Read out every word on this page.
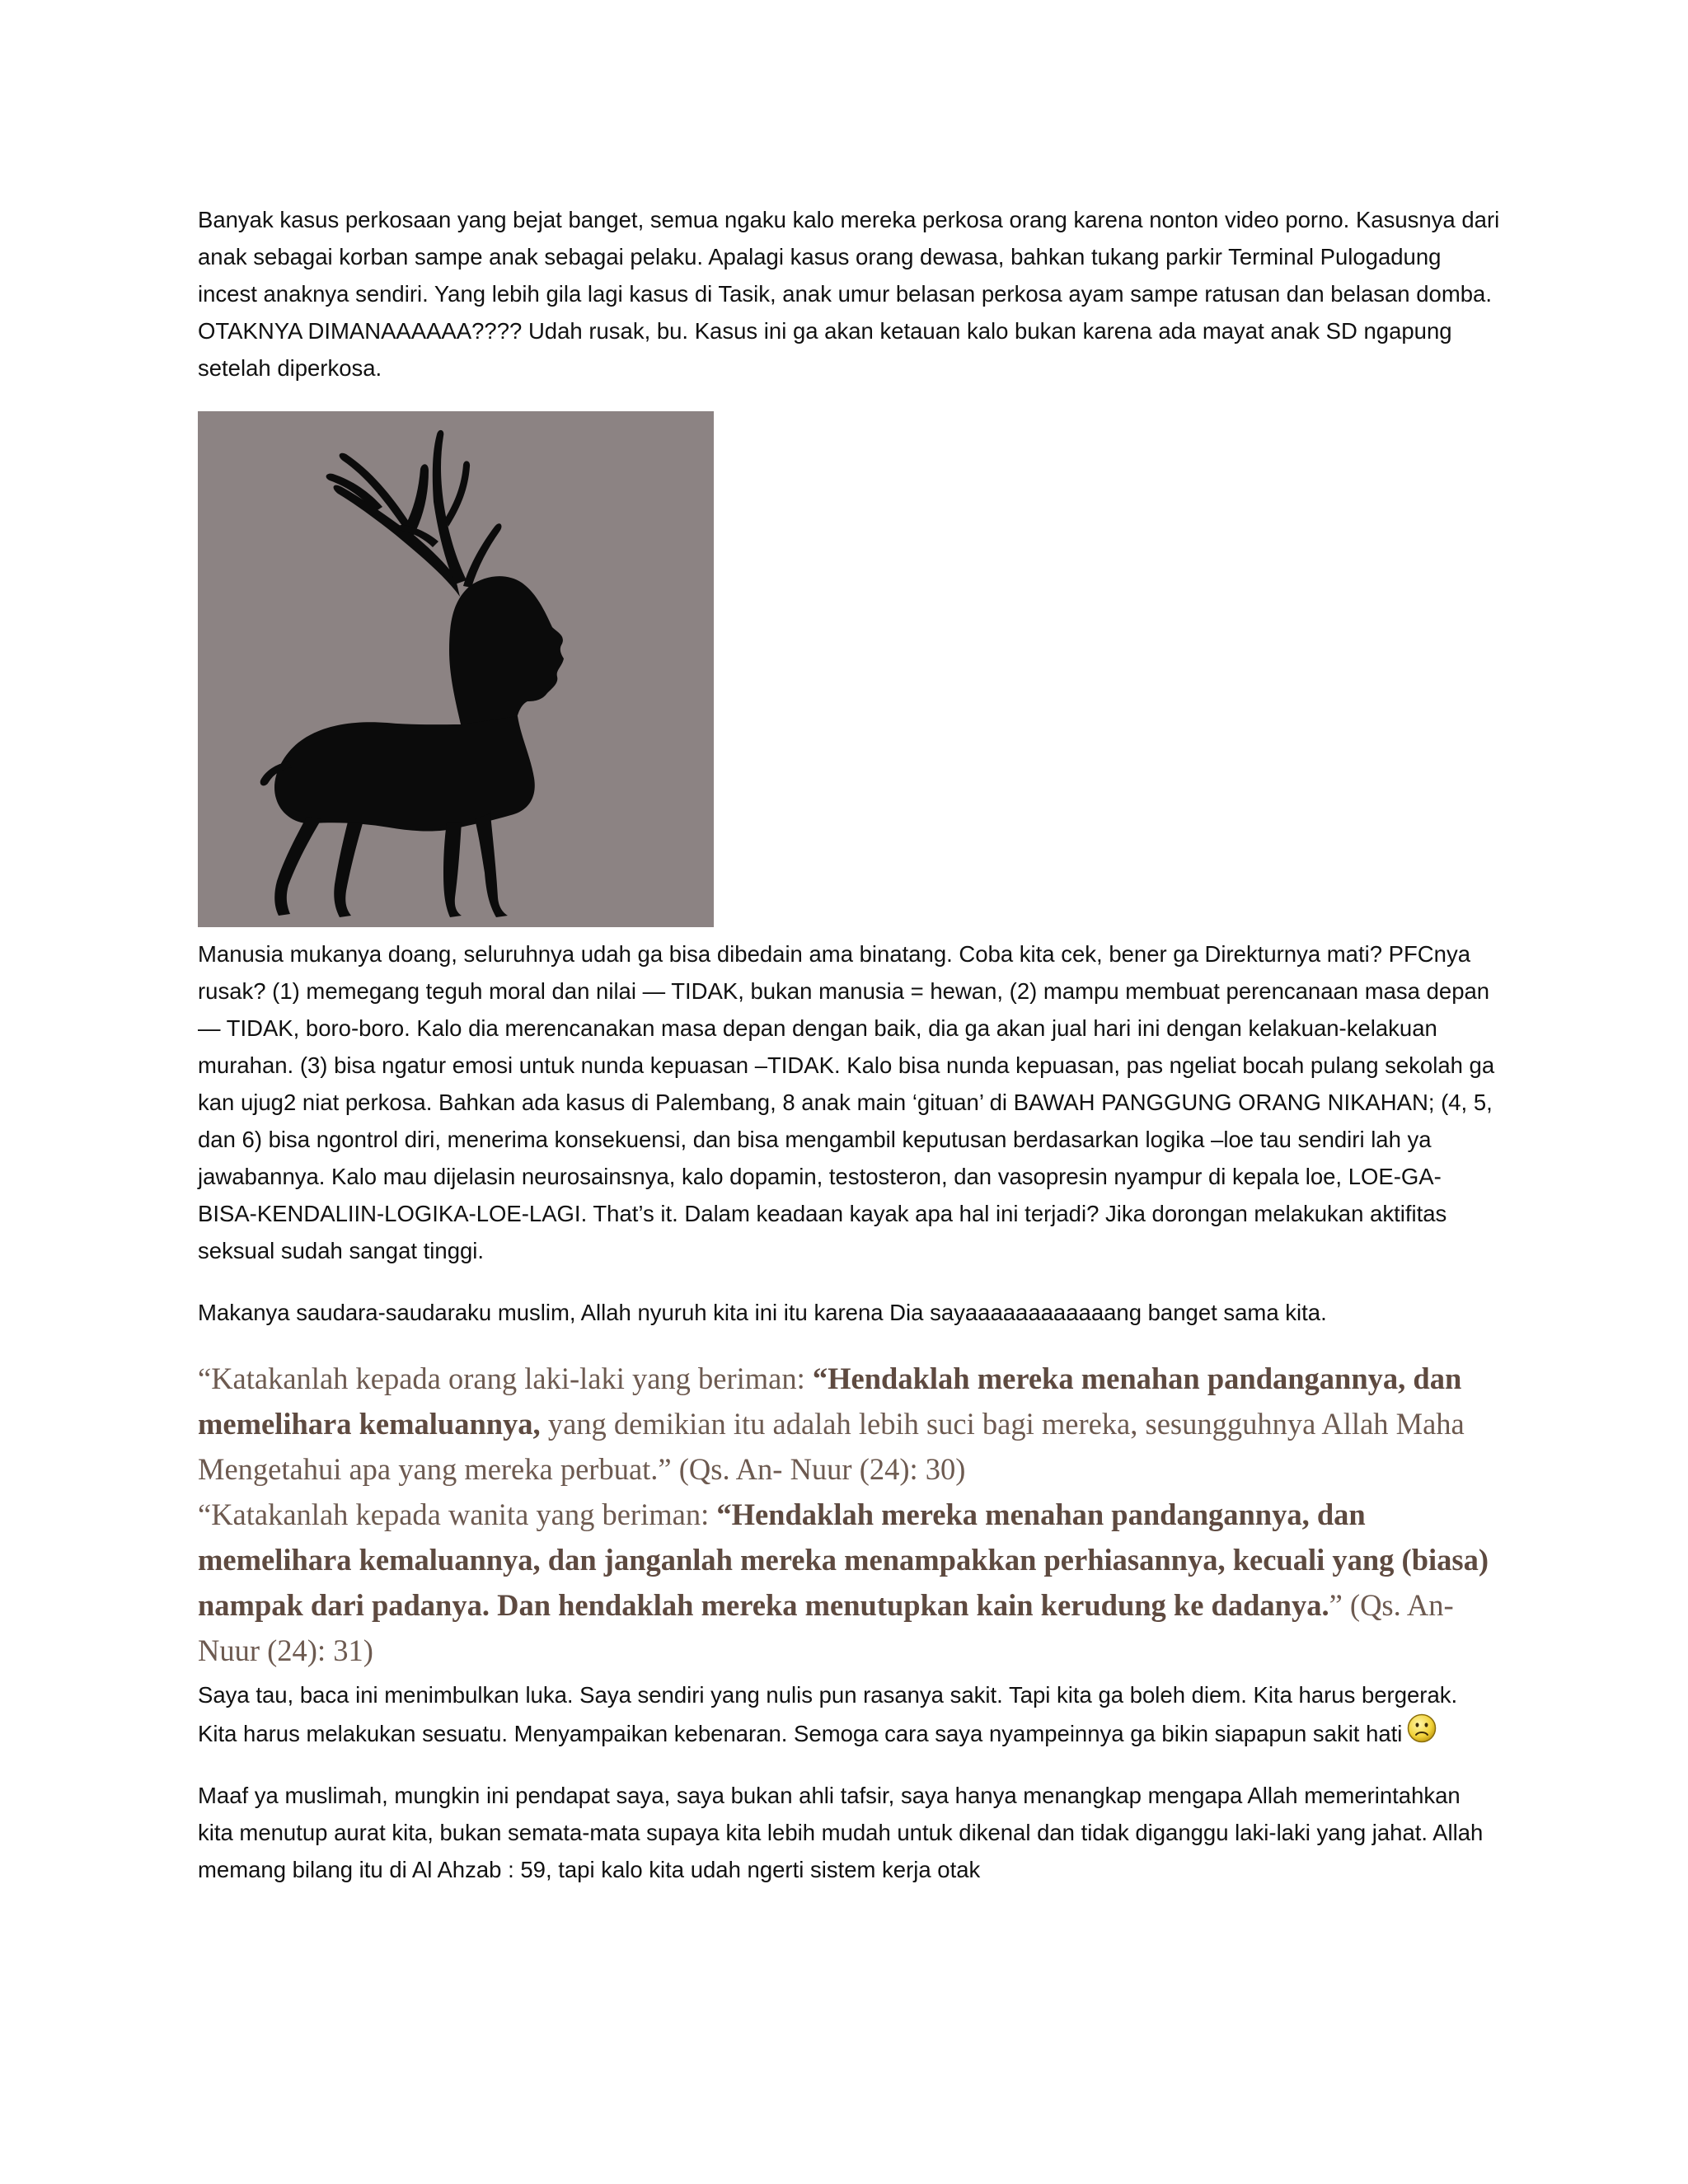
Banyak kasus perkosaan yang bejat banget, semua ngaku kalo mereka perkosa orang karena nonton video porno. Kasusnya dari anak sebagai korban sampe anak sebagai pelaku. Apalagi kasus orang dewasa, bahkan tukang parkir Terminal Pulogadung incest anaknya sendiri. Yang lebih gila lagi kasus di Tasik, anak umur belasan perkosa ayam sampe ratusan dan belasan domba. OTAKNYA DIMANAAAAAA???? Udah rusak, bu. Kasus ini ga akan ketauan kalo bukan karena ada mayat anak SD ngapung setelah diperkosa.

Manusia mukanya doang, seluruhnya udah ga bisa dibedain ama binatang. Coba kita cek, bener ga Direkturnya mati? PFCnya rusak? (1) memegang teguh moral dan nilai — TIDAK, bukan manusia = hewan, (2) mampu membuat perencanaan masa depan — TIDAK, boro-boro. Kalo dia merencanakan masa depan dengan baik, dia ga akan jual hari ini dengan kelakuan-kelakuan murahan. (3) bisa ngatur emosi untuk nunda kepuasan –TIDAK. Kalo bisa nunda kepuasan, pas ngeliat bocah pulang sekolah ga kan ujug2 niat perkosa. Bahkan ada kasus di Palembang, 8 anak main ‘gituan’ di BAWAH PANGGUNG ORANG NIKAHAN; (4, 5, dan 6) bisa ngontrol diri, menerima konsekuensi, dan bisa mengambil keputusan berdasarkan logika –loe tau sendiri lah ya jawabannya. Kalo mau dijelasin neurosainsnya, kalo dopamin, testosteron, dan vasopresin nyampur di kepala loe, LOE-GA-BISA-KENDALIIN-LOGIKA-LOE-LAGI. That’s it. Dalam keadaan kayak apa hal ini terjadi? Jika dorongan melakukan aktifitas seksual sudah sangat tinggi.

Makanya saudara-saudaraku muslim, Allah nyuruh kita ini itu karena Dia sayaaaaaaaaaaaang banget sama kita.

“Katakanlah kepada orang laki-laki yang beriman: “Hendaklah mereka menahan pandangannya, dan memelihara kemaluannya, yang demikian itu adalah lebih suci bagi mereka, sesungguhnya Allah Maha Mengetahui apa yang mereka perbuat.” (Qs. An- Nuur (24): 30)

“Katakanlah kepada wanita yang beriman: “Hendaklah mereka menahan pandangannya, dan memelihara kemaluannya, dan janganlah mereka menampakkan perhiasannya, kecuali yang (biasa) nampak dari padanya. Dan hendaklah mereka menutupkan kain kerudung ke dadanya.” (Qs. An- Nuur (24): 31)

Saya tau, baca ini menimbulkan luka. Saya sendiri yang nulis pun rasanya sakit. Tapi kita ga boleh diem. Kita harus bergerak. Kita harus melakukan sesuatu. Menyampaikan kebenaran. Semoga cara saya nyampeinnya ga bikin siapapun sakit hati

Maaf ya muslimah, mungkin ini pendapat saya, saya bukan ahli tafsir, saya hanya menangkap mengapa Allah memerintahkan kita menutup aurat kita, bukan semata-mata supaya kita lebih mudah untuk dikenal dan tidak diganggu laki-laki yang jahat. Allah memang bilang itu di Al Ahzab : 59, tapi kalo kita udah ngerti sistem kerja otak
